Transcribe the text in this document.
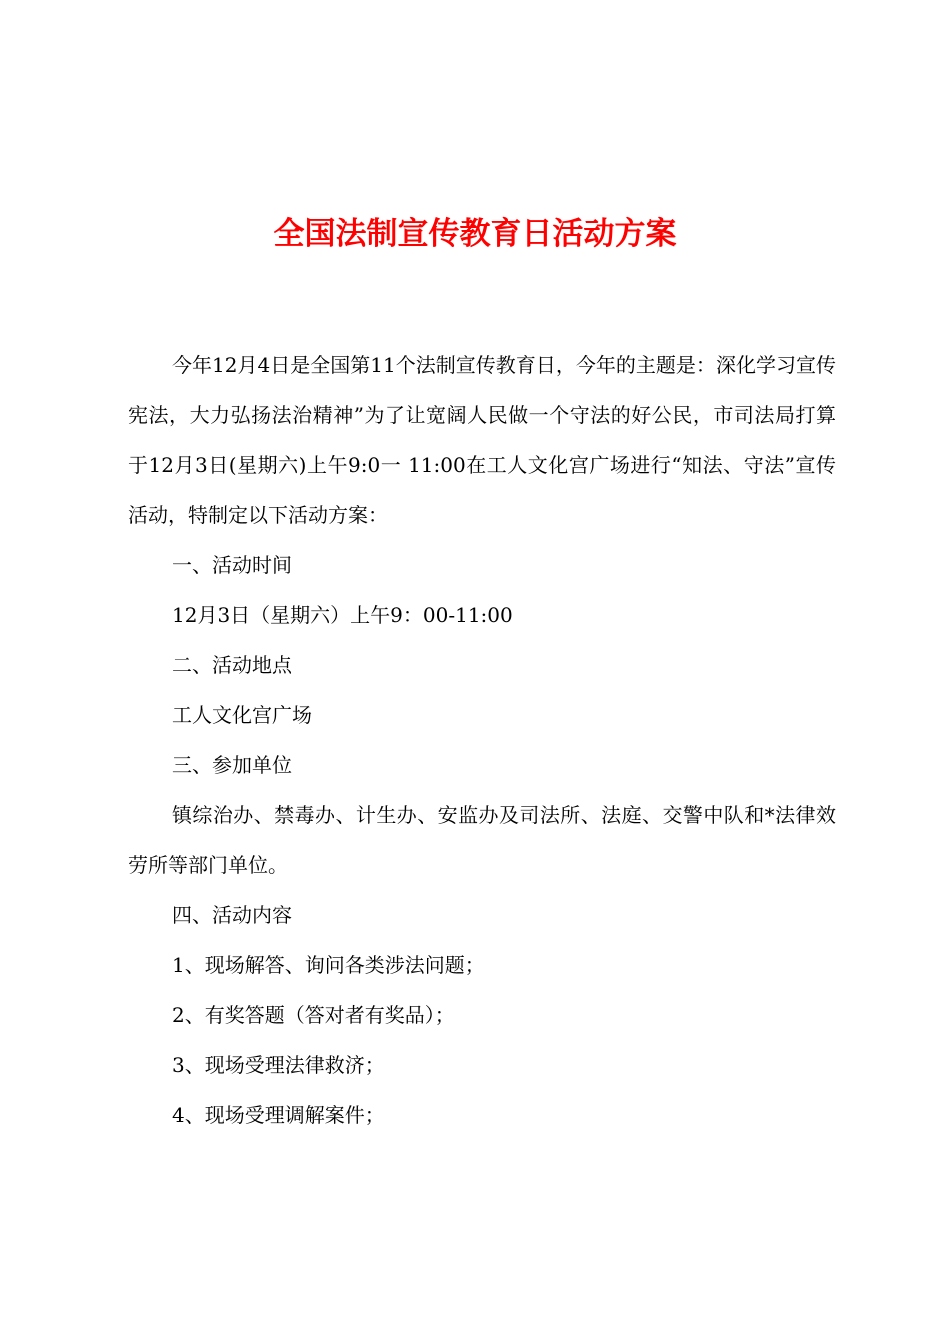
全国法制宣传教育日活动方案

今年12月4日是全国第11个法制宣传教育日，今年的主题是：深化学习宣传宪法，大力弘扬法治精神”为了让宽阔人民做一个守法的好公民，市司法局打算于12月3日(星期六)上午9:0一 11:00在工人文化宫广场进行“知法、守法”宣传活动，特制定以下活动方案：

一、活动时间

12月3日（星期六）上午9：00-11:00

二、活动地点

工人文化宫广场

三、参加单位

镇综治办、禁毒办、计生办、安监办及司法所、法庭、交警中队和*法律效劳所等部门单位。

四、活动内容

1、现场解答、询问各类涉法问题；

2、有奖答题（答对者有奖品）；

3、现场受理法律救济；

4、现场受理调解案件；
